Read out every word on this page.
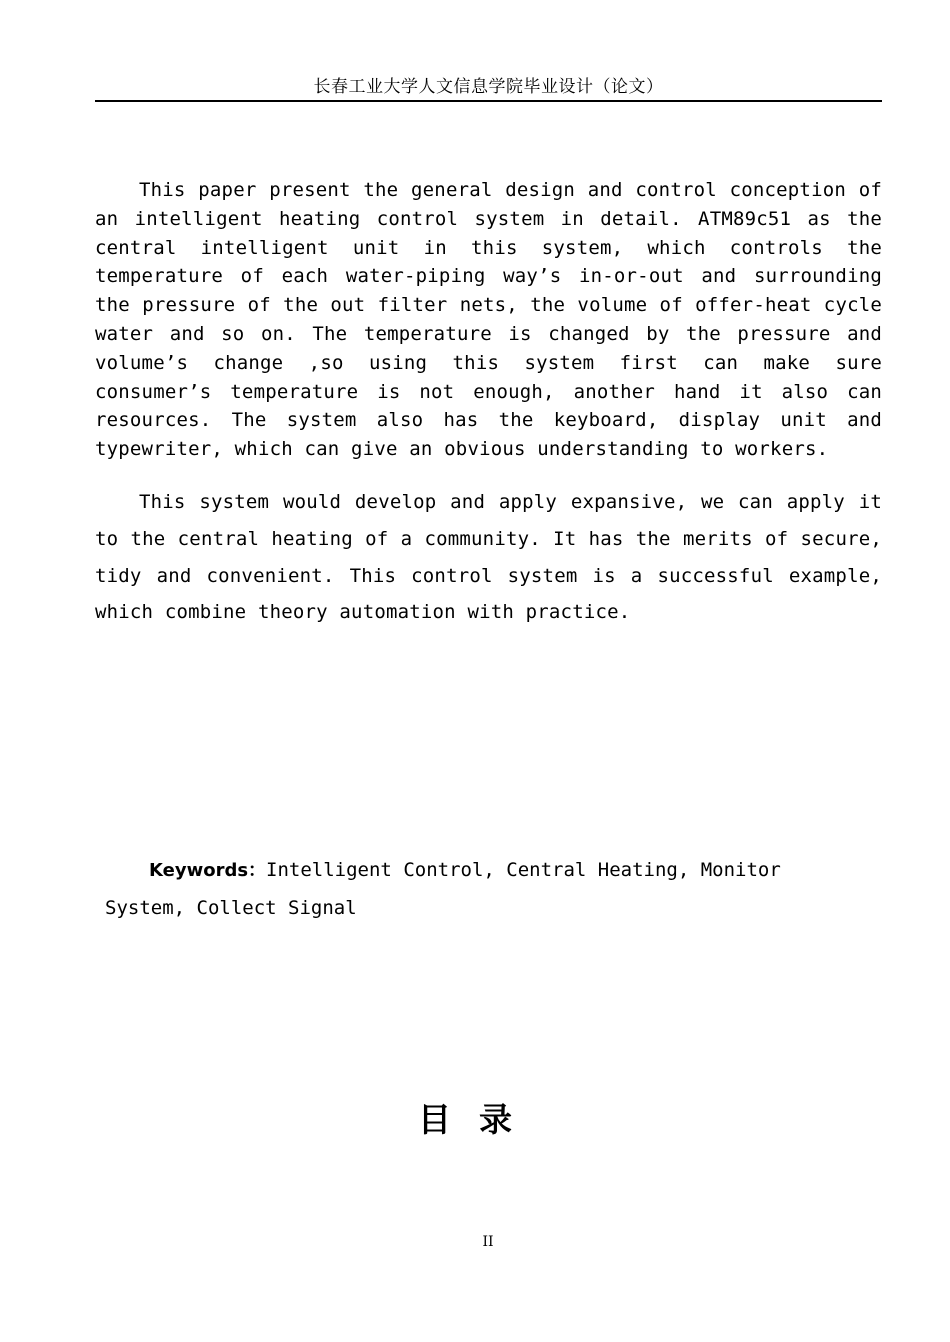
长春工业大学人文信息学院毕业设计（论文）

This paper present the general design and control conception of an intelligent heating control system in detail. ATM89c51 as the central intelligent unit in this system, which controls the temperature of each water-piping way’s in-or-out and surrounding the pressure of the out filter nets, the volume of offer-heat cycle water and so on. The temperature is changed by the pressure and volume’s change ,so using this system first can make sure consumer’s temperature is not enough, another hand it also can resources. The system also has the keyboard, display unit and typewriter, which can give an obvious understanding to workers.

This system would develop and apply expansive, we can apply it to the central heating of a community. It has the merits of secure, tidy and convenient. This control system is a successful example, which combine theory automation with practice.

Keywords：Intelligent Control, Central Heating, Monitor System, Collect Signal

目录
II
